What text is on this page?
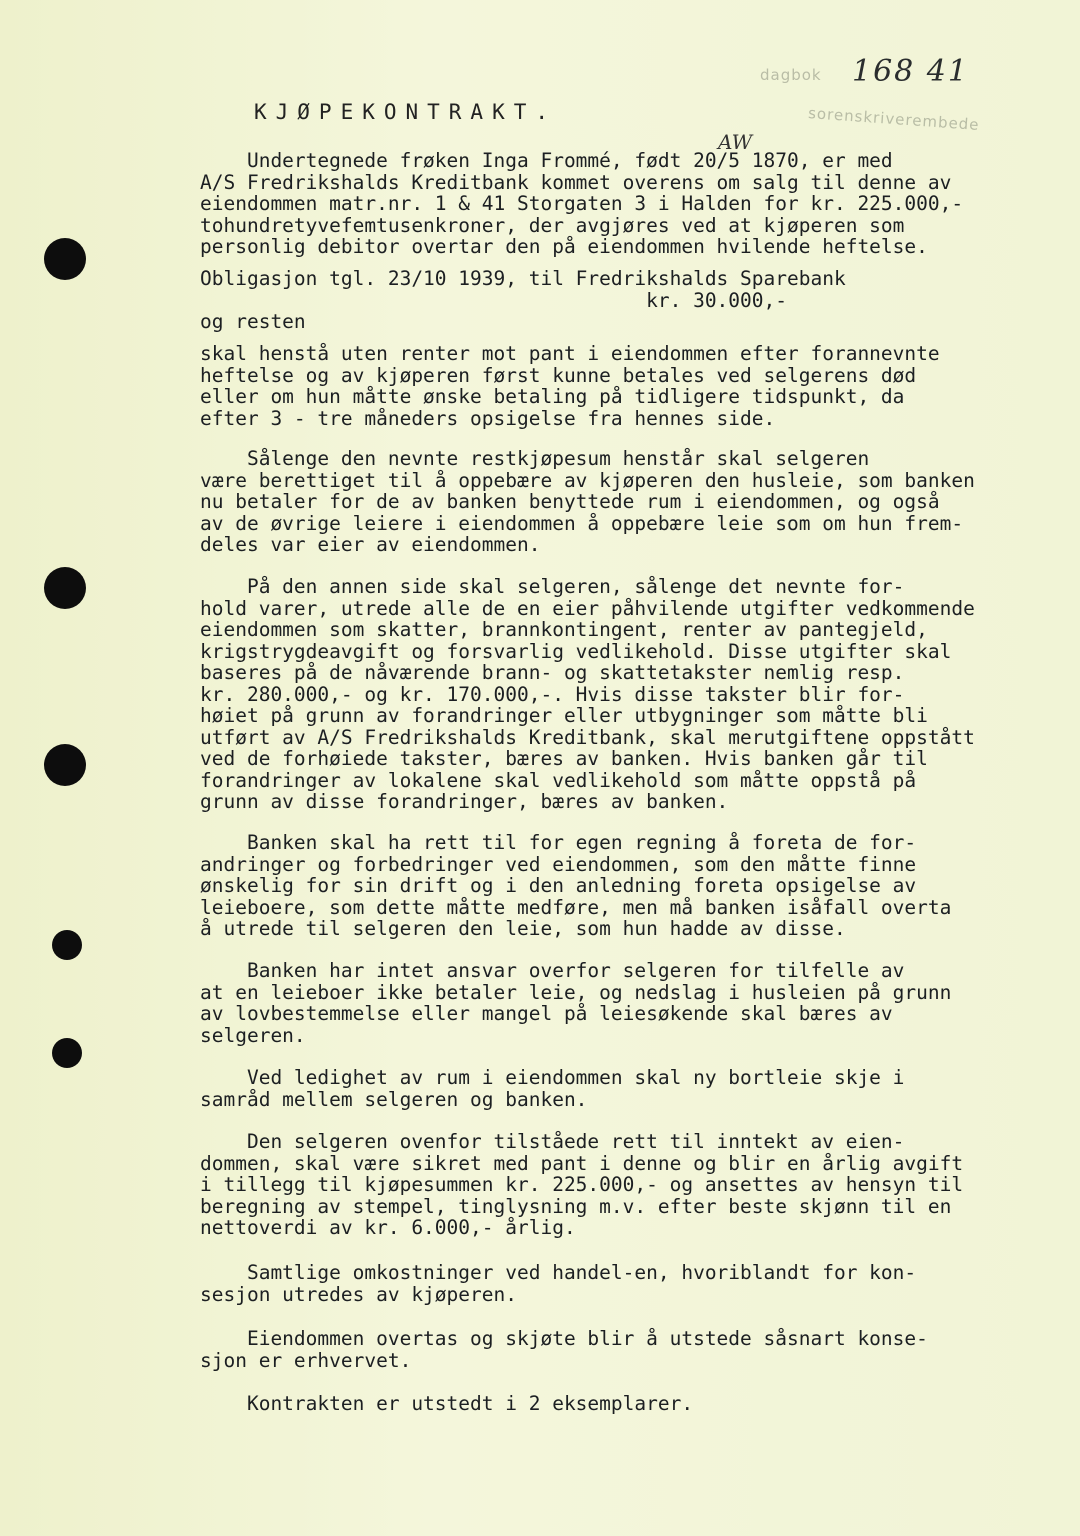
dagbok
sorenskriverembede
168 41
KJØPEKONTRAKT.
AW
Undertegnede frøken Inga Frommé, født 20/5 1870, er med
A/S Fredrikshalds Kreditbank kommet overens om salg til denne av
eiendommen matr.nr. 1 & 41 Storgaten 3 i Halden for kr. 225.000,-
tohundretyvefemtusenkroner, der avgjøres ved at kjøperen som
personlig debitor overtar den på eiendommen hvilende heftelse.
Obligasjon tgl. 23/10 1939, til Fredrikshalds Sparebank
kr. 30.000,-
og resten
skal henstå uten renter mot pant i eiendommen efter forannevnte
heftelse og av kjøperen først kunne betales ved selgerens død
eller om hun måtte ønske betaling på tidligere tidspunkt, da
efter 3 - tre måneders opsigelse fra hennes side.
Sålenge den nevnte restkjøpesum henstår skal selgeren
være berettiget til å oppebære av kjøperen den husleie, som banken
nu betaler for de av banken benyttede rum i eiendommen, og også
av de øvrige leiere i eiendommen å oppebære leie som om hun frem-
deles var eier av eiendommen.
På den annen side skal selgeren, sålenge det nevnte for-
hold varer, utrede alle de en eier påhvilende utgifter vedkommende
eiendommen som skatter, brannkontingent, renter av pantegjeld,
krigstrygdeavgift og forsvarlig vedlikehold. Disse utgifter skal
baseres på de nåværende brann- og skattetakster nemlig resp.
kr. 280.000,- og kr. 170.000,-. Hvis disse takster blir for-
høiet på grunn av forandringer eller utbygninger som måtte bli
utført av A/S Fredrikshalds Kreditbank, skal merutgiftene oppstått
ved de forhøiede takster, bæres av banken. Hvis banken går til
forandringer av lokalene skal vedlikehold som måtte oppstå på
grunn av disse forandringer, bæres av banken.
Banken skal ha rett til for egen regning å foreta de for-
andringer og forbedringer ved eiendommen, som den måtte finne
ønskelig for sin drift og i den anledning foreta opsigelse av
leieboere, som dette måtte medføre, men må banken isåfall overta
å utrede til selgeren den leie, som hun hadde av disse.
Banken har intet ansvar overfor selgeren for tilfelle av
at en leieboer ikke betaler leie, og nedslag i husleien på grunn
av lovbestemmelse eller mangel på leiesøkende skal bæres av
selgeren.
Ved ledighet av rum i eiendommen skal ny bortleie skje i
samråd mellem selgeren og banken.
Den selgeren ovenfor tilståede rett til inntekt av eien-
dommen, skal være sikret med pant i denne og blir en årlig avgift
i tillegg til kjøpesummen kr. 225.000,- og ansettes av hensyn til
beregning av stempel, tinglysning m.v. efter beste skjønn til en
nettoverdi av kr. 6.000,- årlig.
Samtlige omkostninger ved handel-en, hvoriblandt for kon-
sesjon utredes av kjøperen.
Eiendommen overtas og skjøte blir å utstede såsnart konse-
sjon er erhvervet.
Kontrakten er utstedt i 2 eksemplarer.
